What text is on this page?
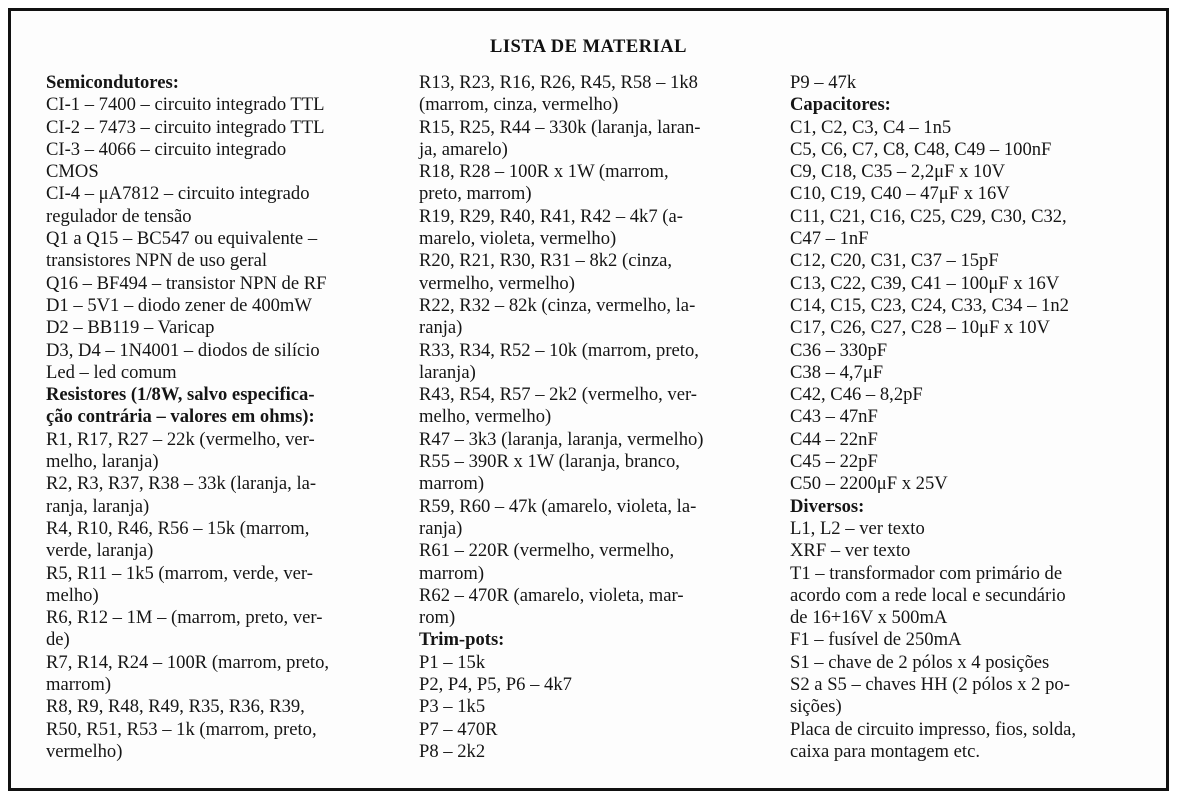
LISTA DE MATERIAL
Semicondutores:
CI-1 – 7400 – circuito integrado TTL
CI-2 – 7473 – circuito integrado TTL
CI-3 – 4066 – circuito integrado
CMOS
CI-4 – μA7812 – circuito integrado
regulador de tensão
Q1 a Q15 – BC547 ou equivalente –
transistores NPN de uso geral
Q16 – BF494 – transistor NPN de RF
D1 – 5V1 – diodo zener de 400mW
D2 – BB119 – Varicap
D3, D4 – 1N4001 – diodos de silício
Led – led comum
Resistores (1/8W, salvo especifica-
ção contrária – valores em ohms):
R1, R17, R27 – 22k (vermelho, ver-
melho, laranja)
R2, R3, R37, R38 – 33k (laranja, la-
ranja, laranja)
R4, R10, R46, R56 – 15k (marrom,
verde, laranja)
R5, R11 – 1k5 (marrom, verde, ver-
melho)
R6, R12 – 1M – (marrom, preto, ver-
de)
R7, R14, R24 – 100R (marrom, preto,
marrom)
R8, R9, R48, R49, R35, R36, R39,
R50, R51, R53 – 1k (marrom, preto,
vermelho)
R13, R23, R16, R26, R45, R58 – 1k8
(marrom, cinza, vermelho)
R15, R25, R44 – 330k (laranja, laran-
ja, amarelo)
R18, R28 – 100R x 1W (marrom,
preto, marrom)
R19, R29, R40, R41, R42 – 4k7 (a-
marelo, violeta, vermelho)
R20, R21, R30, R31 – 8k2 (cinza,
vermelho, vermelho)
R22, R32 – 82k (cinza, vermelho, la-
ranja)
R33, R34, R52 – 10k (marrom, preto,
laranja)
R43, R54, R57 – 2k2 (vermelho, ver-
melho, vermelho)
R47 – 3k3 (laranja, laranja, vermelho)
R55 – 390R x 1W (laranja, branco,
marrom)
R59, R60 – 47k (amarelo, violeta, la-
ranja)
R61 – 220R (vermelho, vermelho,
marrom)
R62 – 470R (amarelo, violeta, mar-
rom)
Trim-pots:
P1 – 15k
P2, P4, P5, P6 – 4k7
P3 – 1k5
P7 – 470R
P8 – 2k2
P9 – 47k
Capacitores:
C1, C2, C3, C4 – 1n5
C5, C6, C7, C8, C48, C49 – 100nF
C9, C18, C35 – 2,2μF x 10V
C10, C19, C40 – 47μF x 16V
C11, C21, C16, C25, C29, C30, C32,
C47 – 1nF
C12, C20, C31, C37 – 15pF
C13, C22, C39, C41 – 100μF x 16V
C14, C15, C23, C24, C33, C34 – 1n2
C17, C26, C27, C28 – 10μF x 10V
C36 – 330pF
C38 – 4,7μF
C42, C46 – 8,2pF
C43 – 47nF
C44 – 22nF
C45 – 22pF
C50 – 2200μF x 25V
Diversos:
L1, L2 – ver texto
XRF – ver texto
T1 – transformador com primário de
acordo com a rede local e secundário
de 16+16V x 500mA
F1 – fusível de 250mA
S1 – chave de 2 pólos x 4 posições
S2 a S5 – chaves HH (2 pólos x 2 po-
sições)
Placa de circuito impresso, fios, solda,
caixa para montagem etc.
